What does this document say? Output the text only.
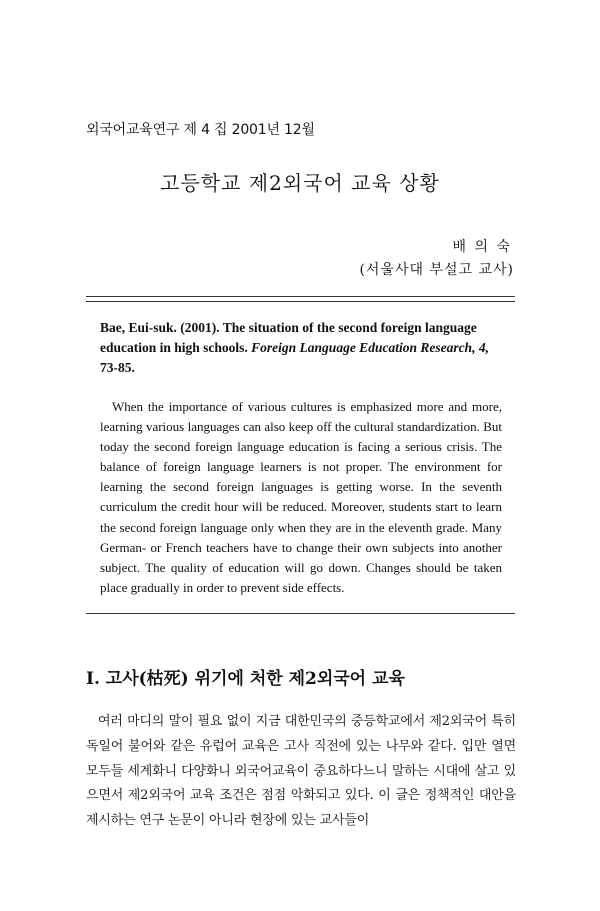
외국어교육연구 제 4 집 2001년 12월
고등학교 제2외국어 교육 상황
배 의 숙
(서울사대 부설고 교사)

Bae, Eui-suk. (2001). The situation of the second foreign language education in high schools. Foreign Language Education Research, 4, 73-85.

When the importance of various cultures is emphasized more and more, learning various languages can also keep off the cultural standardization. But today the second foreign language education is facing a serious crisis. The balance of foreign language learners is not proper. The environment for learning the second foreign languages is getting worse. In the seventh curriculum the credit hour will be reduced. Moreover, students start to learn the second foreign language only when they are in the eleventh grade. Many German- or French teachers have to change their own subjects into another subject. The quality of education will go down. Changes should be taken place gradually in order to prevent side effects.
I. 고사(枯死) 위기에 처한 제2외국어 교육
여러 마디의 말이 필요 없이 지금 대한민국의 중등학교에서 제2외국어 특히 독일어 불어와 같은 유럽어 교육은 고사 직전에 있는 나무와 같다. 입만 열면 모두들 세계화니 다양화니 외국어교육이 중요하다느니 말하는 시대에 살고 있으면서 제2외국어 교육 조건은 점점 악화되고 있다. 이 글은 정책적인 대안을 제시하는 연구 논문이 아니라 현장에 있는 교사들이
